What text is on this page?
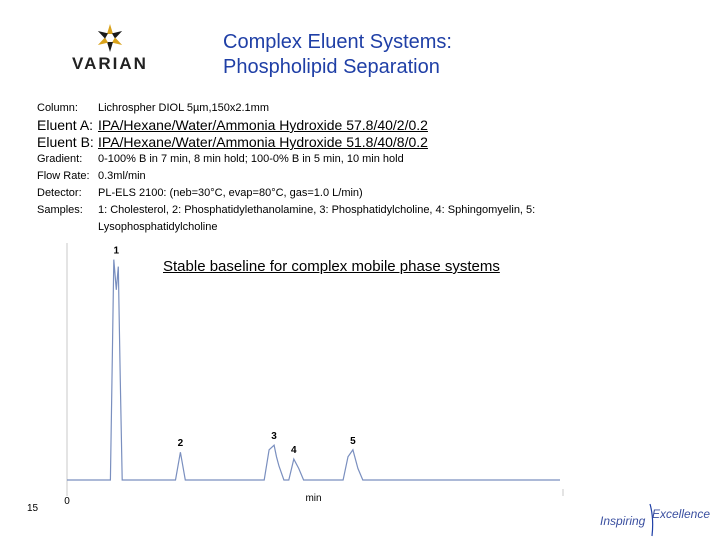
VARIAN
Complex Eluent Systems:
Phospholipid Separation
Column: Lichrospher DIOL 5µm,150x2.1mm
Eluent A: IPA/Hexane/Water/Ammonia Hydroxide 57.8/40/2/0.2
Eluent B: IPA/Hexane/Water/Ammonia Hydroxide 51.8/40/8/0.2
Gradient: 0-100% B in 7 min, 8 min hold; 100-0% B in 5 min, 10 min hold
Flow Rate: 0.3ml/min
Detector: PL-ELS 2100: (neb=30°C, evap=80°C, gas=1.0 L/min)
Samples: 1: Cholesterol, 2: Phosphatidylethanolamine, 3: Phosphatidylcholine, 4: Sphingomyelin, 5: Lysophosphatidylcholine
1
2
3
4
5
0	min
Stable baseline for complex mobile phase systems
15
Inspiring Excellence
